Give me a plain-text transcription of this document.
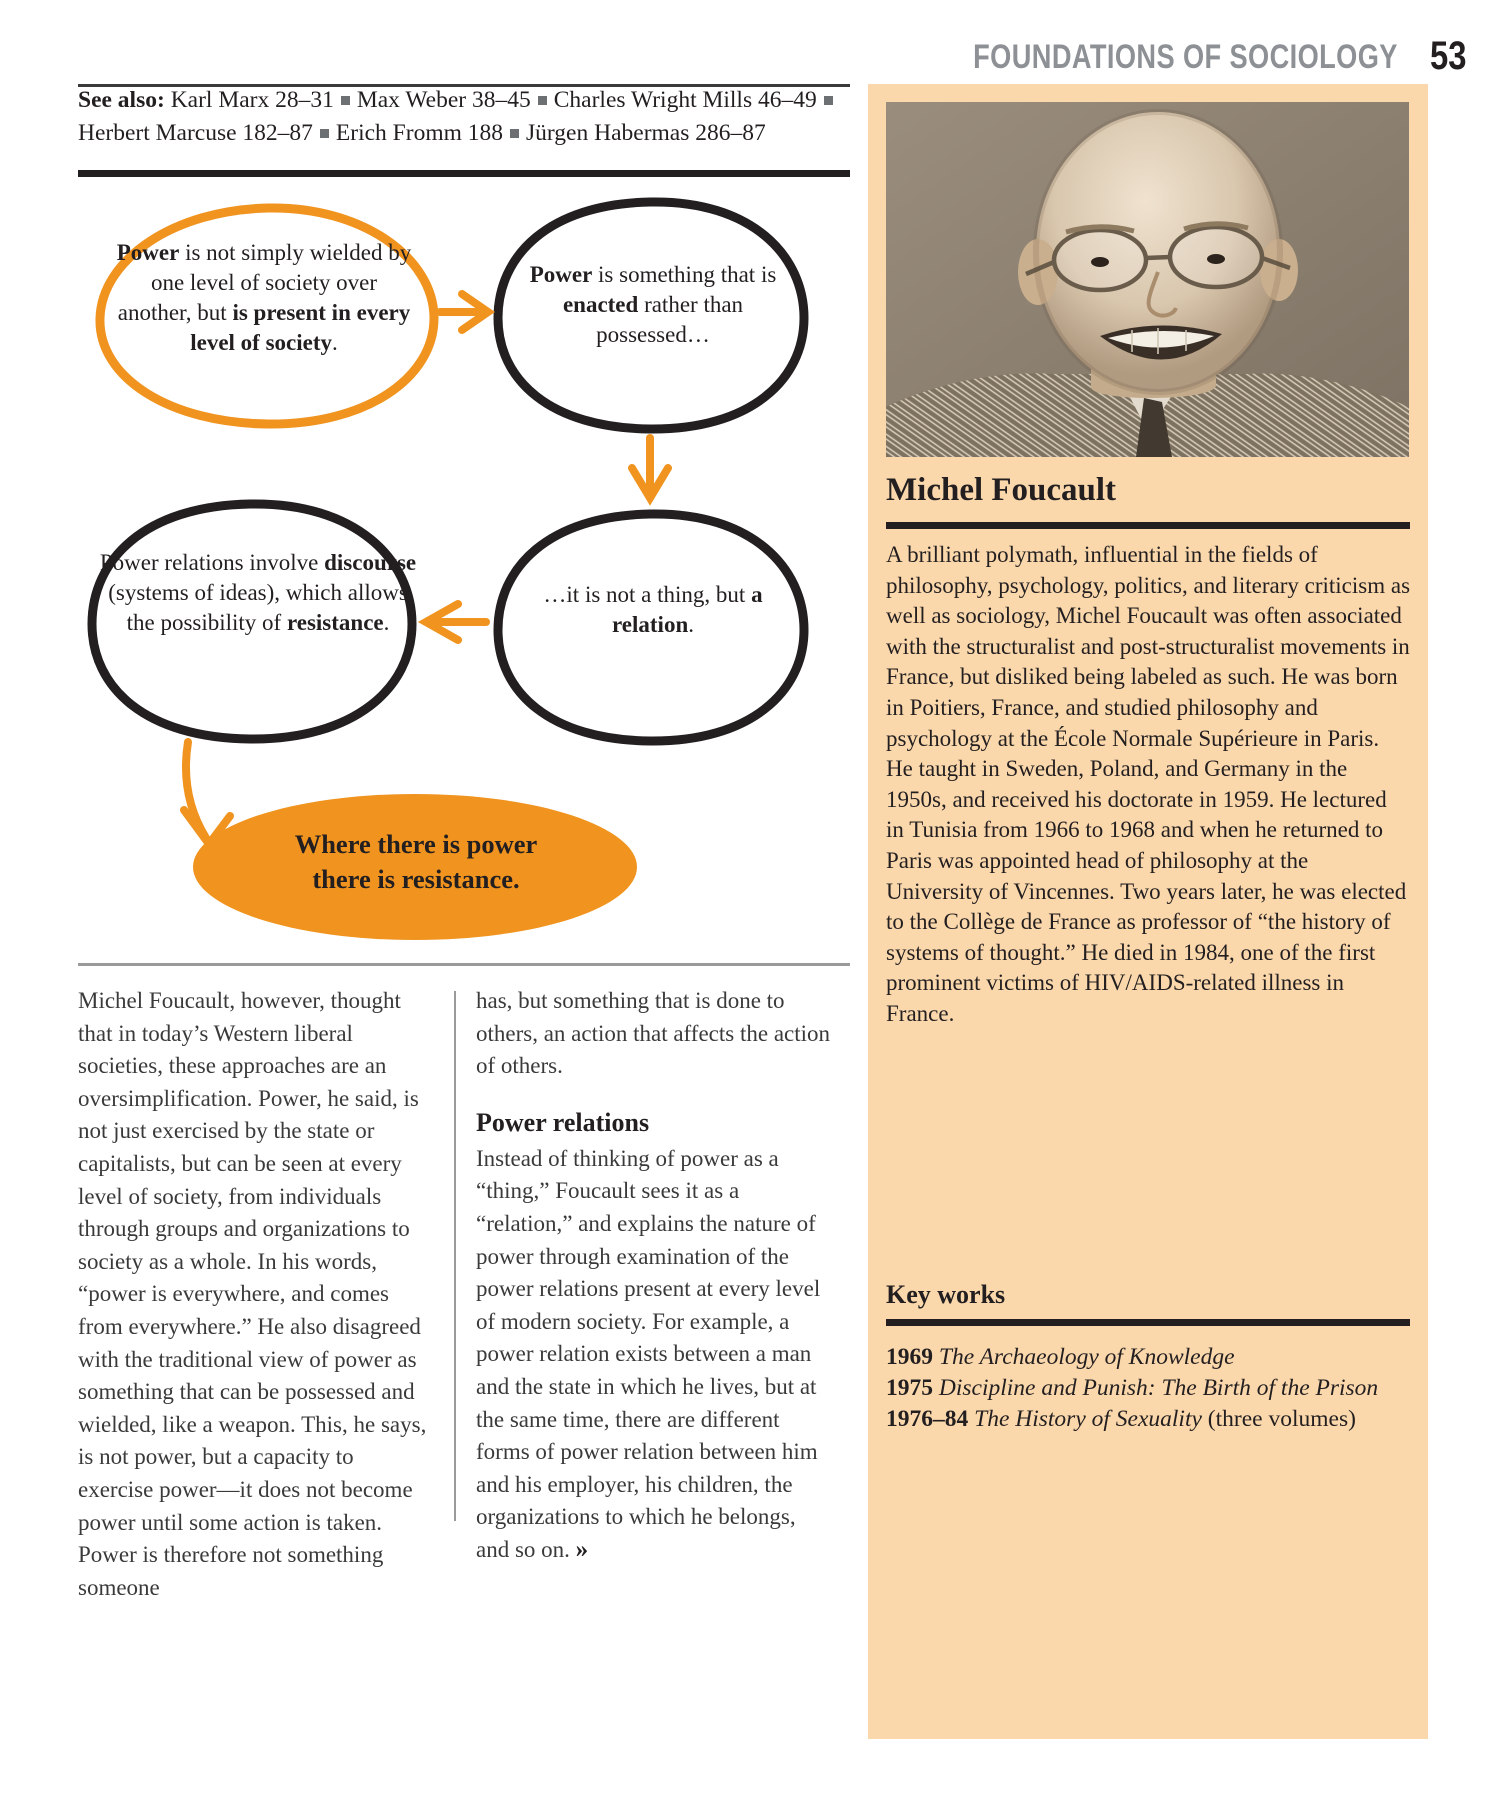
FOUNDATIONS OF SOCIOLOGY 53
See also: Karl Marx 28–31 Max Weber 38–45 Charles Wright Mills 46–49Herbert Marcuse 182–87 Erich Fromm 188 Jürgen Habermas 286–87
Power is not simply wielded by one level of society over another, but is present in every level of society.
Power is something that is enacted rather than possessed…
…it is not a thing, but a relation.
Power relations involve discourse (systems of ideas), which allows the possibility of resistance.
Where there is power
there is resistance.

Michel Foucault, however, thought that in today’s Western liberal societies, these approaches are an oversimplification. Power, he said, is not just exercised by the state or capitalists, but can be seen at every level of society, from individuals through groups and organizations to society as a whole. In his words, “power is everywhere, and comes from everywhere.” He also disagreed with the traditional view of power as something that can be possessed and wielded, like a weapon. This, he says, is not power, but a capacity to exercise power—it does not become power until some action is taken. Power is therefore not something someone

has, but something that is done to others, an action that affects the action of others.

Power relations

Instead of thinking of power as a “thing,” Foucault sees it as a “relation,” and explains the nature of power through examination of the power relations present at every level of modern society. For example, a power relation exists between a man and the state in which he lives, but at the same time, there are different forms of power relation between him and his employer, his children, the organizations to which he belongs, and so on. »

Michel Foucault
A brilliant polymath, influential in the fields of philosophy, psychology, politics, and literary criticism as well as sociology, Michel Foucault was often associated with the structuralist and post-structuralist movements in France, but disliked being labeled as such. He was born in Poitiers, France, and studied philosophy and psychology at the École Normale Supérieure in Paris. He taught in Sweden, Poland, and Germany in the 1950s, and received his doctorate in 1959. He lectured in Tunisia from 1966 to 1968 and when he returned to Paris was appointed head of philosophy at the University of Vincennes. Two years later, he was elected to the Collège de France as professor of “the history of systems of thought.” He died in 1984, one of the first prominent victims of HIV/AIDS-related illness in France.
Key works
1969 The Archaeology of Knowledge
1975 Discipline and Punish: The Birth of the Prison
1976–84 The History of Sexuality (three volumes)
